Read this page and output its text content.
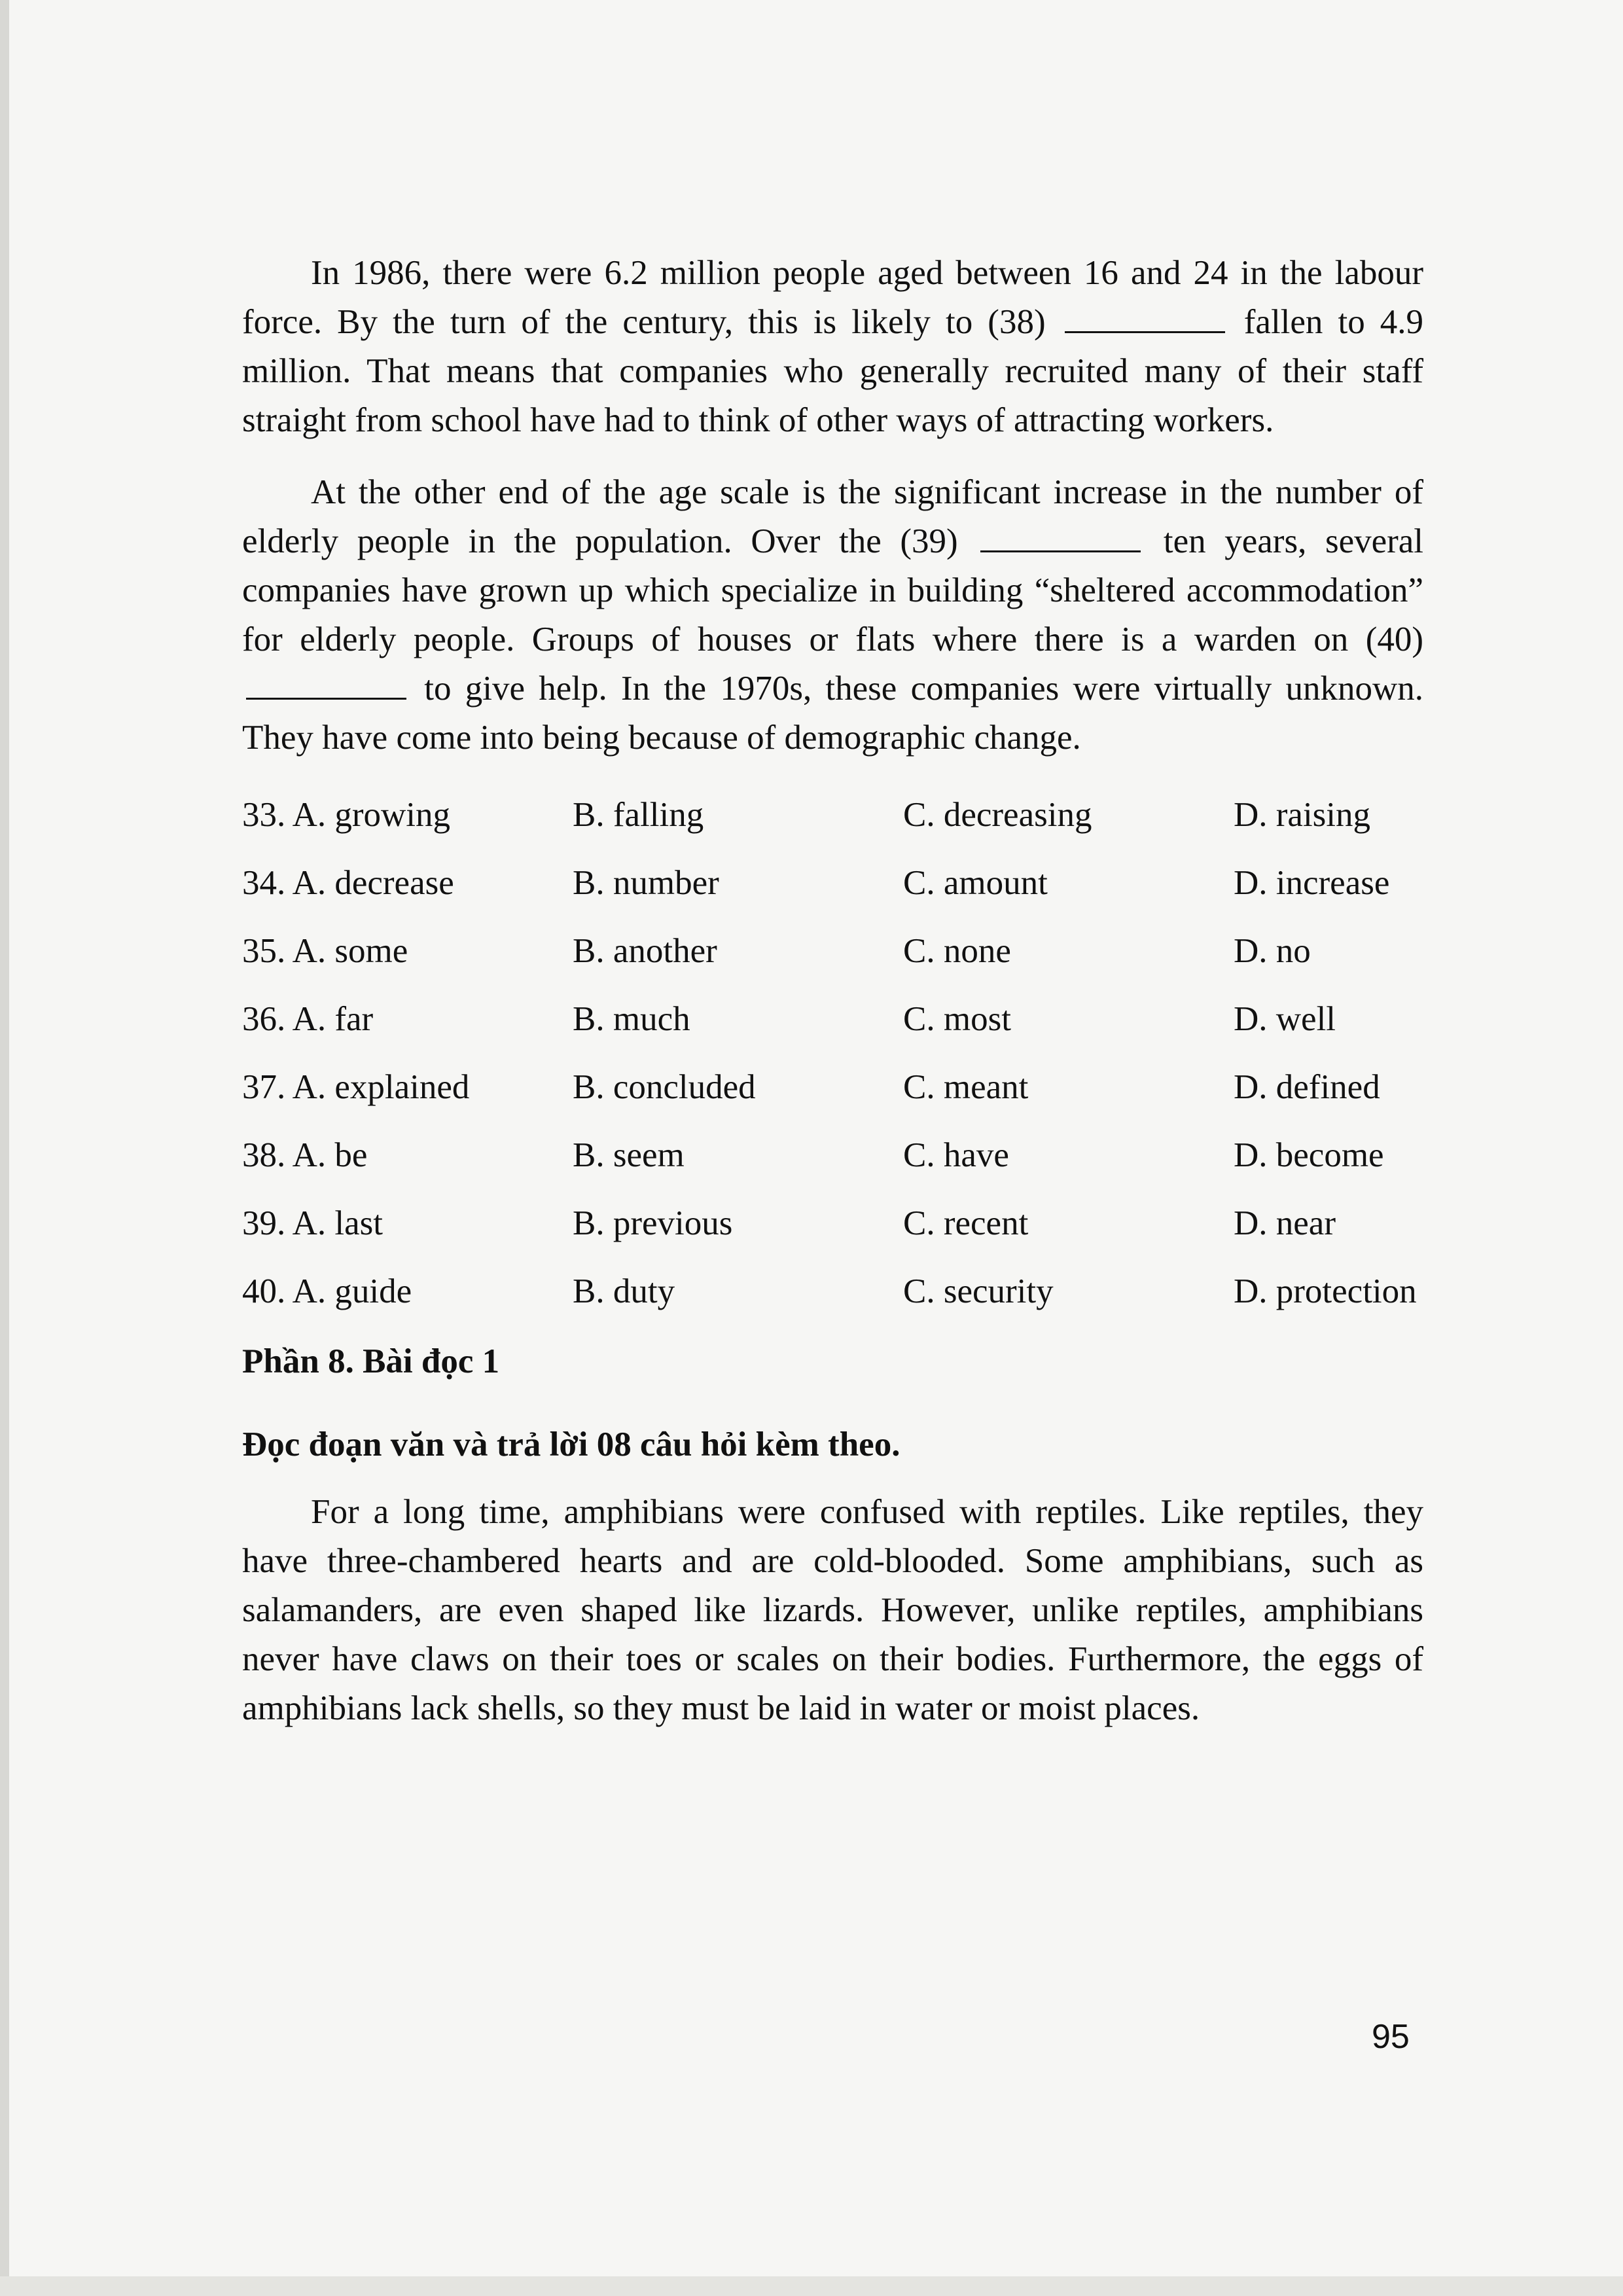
In 1986, there were 6.2 million people aged between 16 and 24 in the labour force. By the turn of the century, this is likely to (38)	fallen to 4.9 million. That means that companies who generally recruited many of their staff straight from school have had to think of other ways of attracting workers.

At the other end of the age scale is the significant increase in the number of elderly people in the population. Over the (39)	ten years, several companies have grown up which specialize in building “sheltered accommodation” for elderly people. Groups of houses or flats where there is a warden on (40)  to give help. In the 1970s, these companies were virtually unknown. They have come into being because of demographic change.

33. A. growing	B. falling	C. decreasing	D. raising
34. A. decrease	B. number	C. amount	D. increase
35. A. some	B. another	C. none	D. no
36. A. far	B. much	C. most	D. well
37. A. explained	B. concluded	C. meant	D. defined
38. A. be	B. seem	C. have	D. become
39. A. last	B. previous	C. recent	D. near
40. A. guide	B. duty	C. security	D. protection
Phần 8. Bài đọc 1
Đọc đoạn văn và trả lời 08 câu hỏi kèm theo.

For a long time, amphibians were confused with reptiles. Like reptiles, they have three-chambered hearts and are cold-blooded. Some amphibians, such as salamanders, are even shaped like lizards. However, unlike reptiles, amphibians never have claws on their toes or scales on their bodies. Furthermore, the eggs of amphibians lack shells, so they must be laid in water or moist places.

95
